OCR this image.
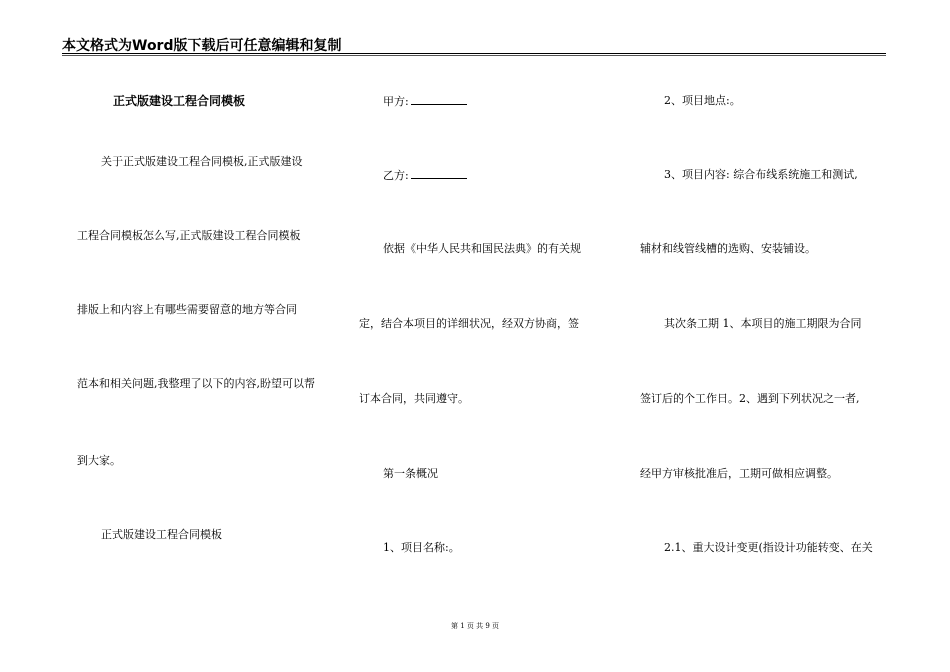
本文格式为Word版下载后可任意编辑和复制
正式版建设工程合同模板
关于正式版建设工程合同模板,正式版建设
工程合同模板怎么写,正式版建设工程合同模板
排版上和内容上有哪些需要留意的地方等合同
范本和相关问题,我整理了以下的内容,盼望可以帮
到大家。
正式版建设工程合同模板
甲方:
乙方:
依据《中华人民共和国民法典》的有关规
定，结合本项目的详细状况，经双方协商，签
订本合同，共同遵守。
第一条概况
1、项目名称:。
2、项目地点:。
3、项目内容: 综合布线系统施工和测试,
辅材和线管线槽的选购、安装铺设。
其次条工期 1、本项目的施工期限为合同
签订后的个工作日。2、遇到下列状况之一者,
经甲方审核批准后，工期可做相应调整。
2.1、重大设计变更(指设计功能转变、在关
第 1 页 共 9 页
